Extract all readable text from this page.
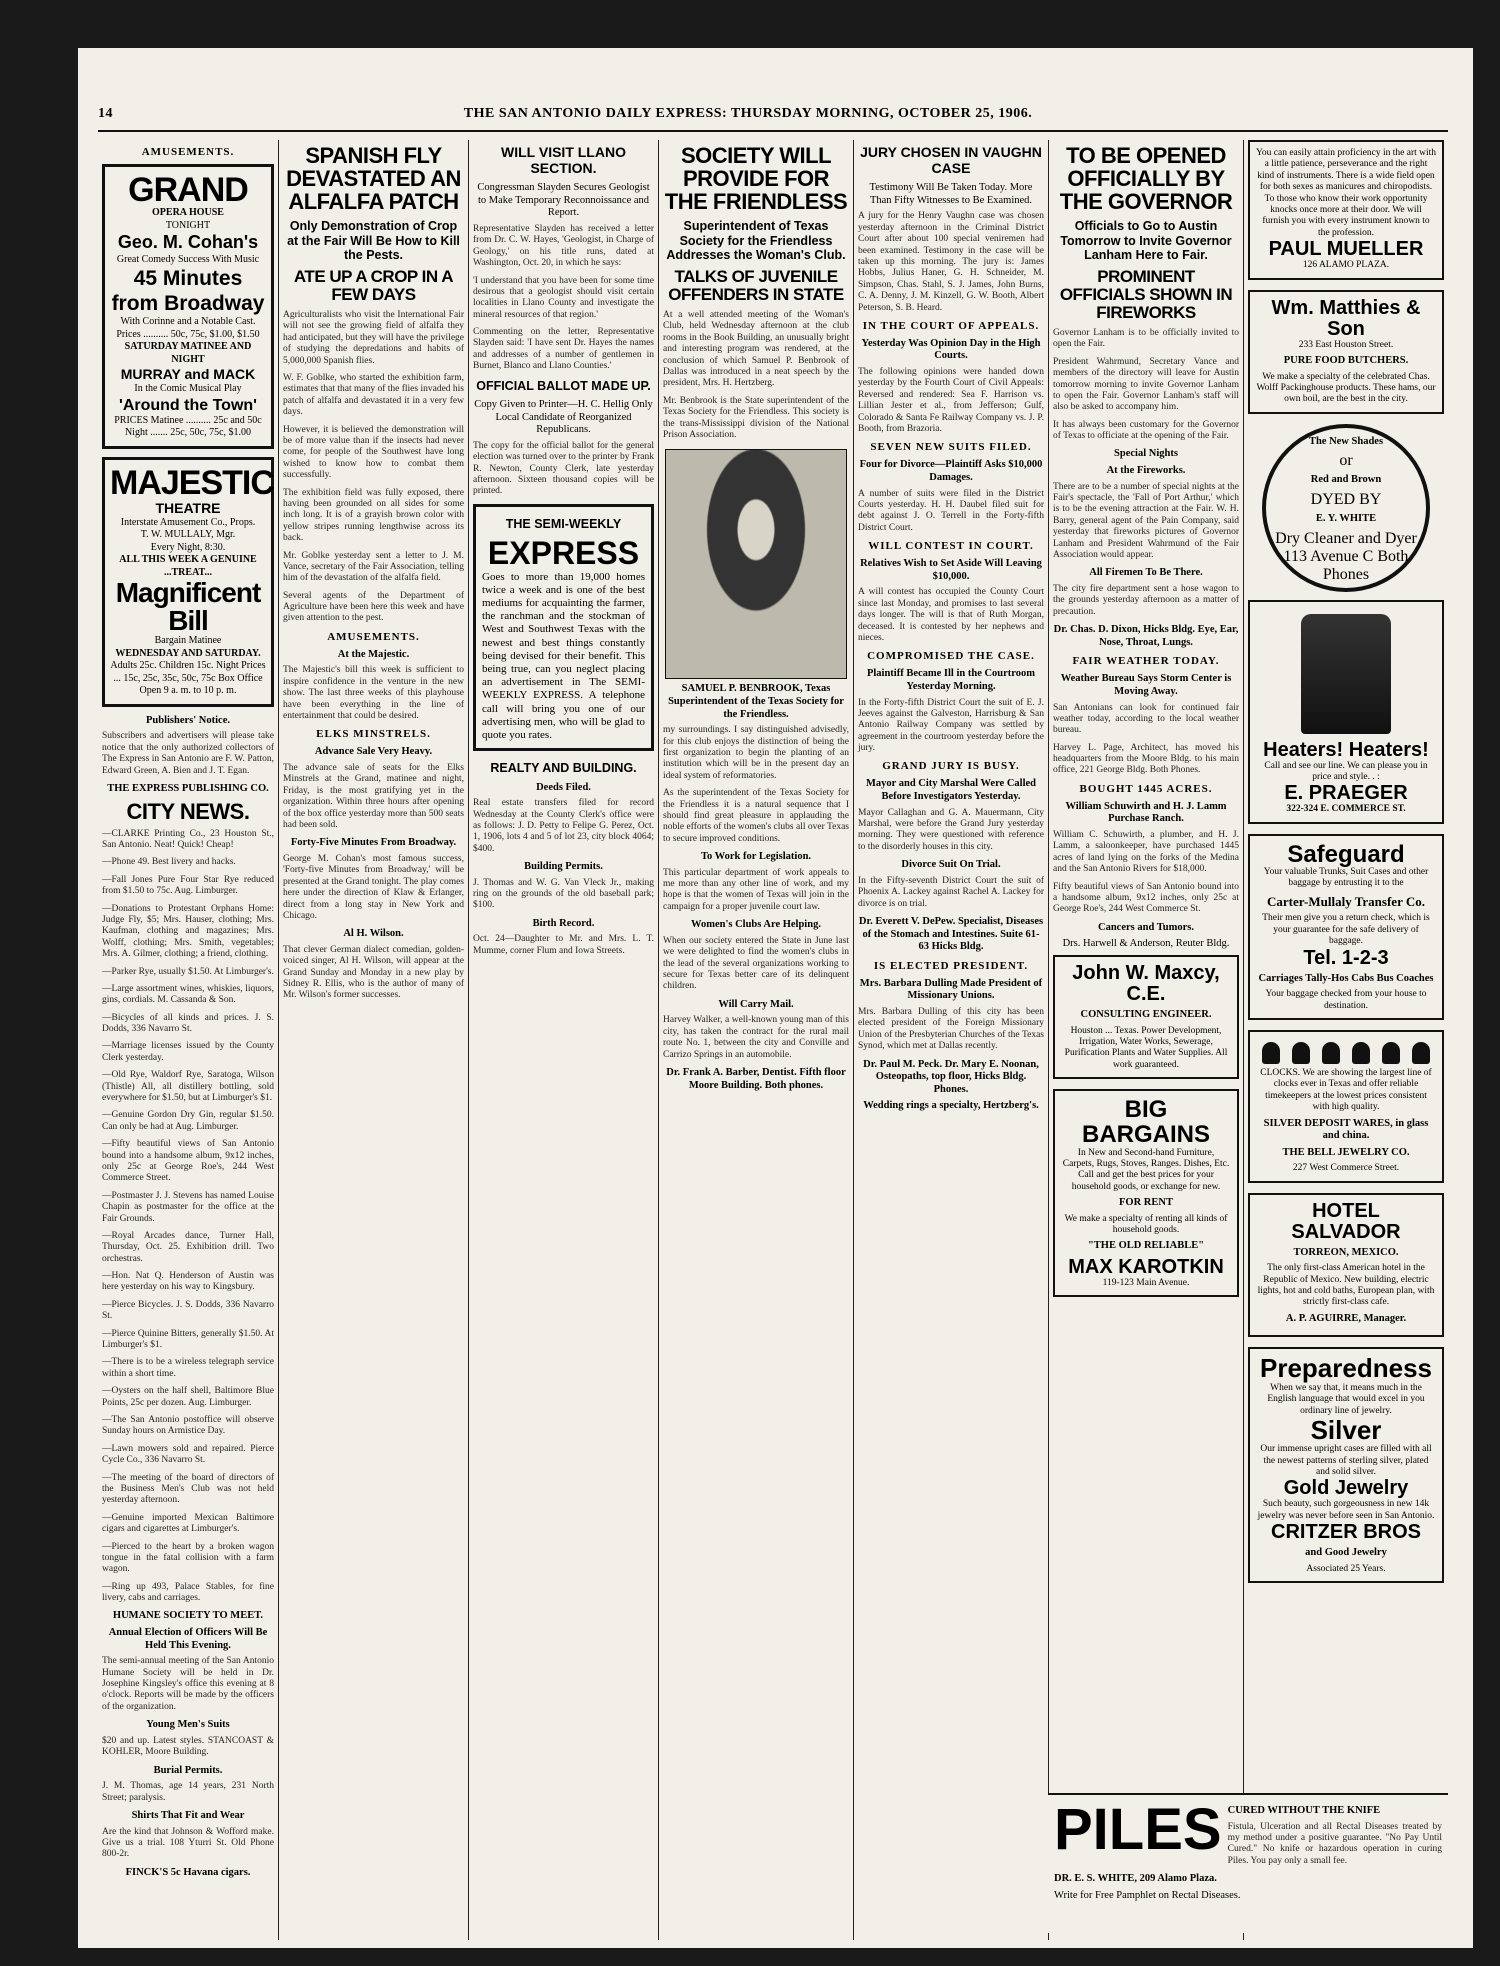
14	THE SAN ANTONIO DAILY EXPRESS: THURSDAY MORNING, OCTOBER 25, 1906.
AMUSEMENTS.
GRAND
OPERA HOUSE
TONIGHT
Geo. M. Cohan's
Great Comedy Success With Music
45 Minutes from Broadway
With Corinne and a Notable Cast.
Prices .......... 50c, 75c, $1.00, $1.50
SATURDAY MATINEE AND NIGHT
MURRAY and MACK
In the Comic Musical Play
'Around the Town'
PRICES Matinee .......... 25c and 50c Night ....... 25c, 50c, 75c, $1.00
MAJESTIC
THEATRE
Interstate Amusement Co., Props.
T. W. MULLALY, Mgr.
Every Night, 8:30.
ALL THIS WEEK A GENUINE ...TREAT...
Magnificent Bill
Bargain Matinee
WEDNESDAY AND SATURDAY.
Adults 25c. Children 15c. Night Prices ... 15c, 25c, 35c, 50c, 75c Box Office Open 9 a. m. to 10 p. m.
Publishers' Notice.

Subscribers and advertisers will please take notice that the only authorized collectors of The Express in San Antonio are F. W. Patton, Edward Green, A. Bien and J. T. Egan.

THE EXPRESS PUBLISHING CO.
CITY NEWS.

—CLARKE Printing Co., 23 Houston St., San Antonio. Neat! Quick! Cheap!

—Phone 49. Best livery and hacks.

—Fall Jones Pure Four Star Rye reduced from $1.50 to 75c. Aug. Limburger.

—Donations to Protestant Orphans Home: Judge Fly, $5; Mrs. Hauser, clothing; Mrs. Kaufman, clothing and magazines; Mrs. Wolff, clothing; Mrs. Smith, vegetables; Mrs. A. Gilmer, clothing; a friend, clothing.

—Parker Rye, usually $1.50. At Limburger's.

—Large assortment wines, whiskies, liquors, gins, cordials. M. Cassanda & Son.

—Bicycles of all kinds and prices. J. S. Dodds, 336 Navarro St.

—Marriage licenses issued by the County Clerk yesterday.

—Old Rye, Waldorf Rye, Saratoga, Wilson (Thistle) All, all distillery bottling, sold everywhere for $1.50, but at Limburger's $1.

—Genuine Gordon Dry Gin, regular $1.50. Can only be had at Aug. Limburger.

—Fifty beautiful views of San Antonio bound into a handsome album, 9x12 inches, only 25c at George Roe's, 244 West Commerce Street.

—Postmaster J. J. Stevens has named Louise Chapin as postmaster for the office at the Fair Grounds.

—Royal Arcades dance, Turner Hall, Thursday, Oct. 25. Exhibition drill. Two orchestras.

—Hon. Nat Q. Henderson of Austin was here yesterday on his way to Kingsbury.

—Pierce Bicycles. J. S. Dodds, 336 Navarro St.

—Pierce Quinine Bitters, generally $1.50. At Limburger's $1.

—There is to be a wireless telegraph service within a short time.

—Oysters on the half shell, Baltimore Blue Points, 25c per dozen. Aug. Limburger.

—The San Antonio postoffice will observe Sunday hours on Armistice Day.

—Lawn mowers sold and repaired. Pierce Cycle Co., 336 Navarro St.

—The meeting of the board of directors of the Business Men's Club was not held yesterday afternoon.

—Genuine imported Mexican Baltimore cigars and cigarettes at Limburger's.

—Pierced to the heart by a broken wagon tongue in the fatal collision with a farm wagon.

—Ring up 493, Palace Stables, for fine livery, cabs and carriages.

HUMANE SOCIETY TO MEET.
Annual Election of Officers Will Be Held This Evening.

The semi-annual meeting of the San Antonio Humane Society will be held in Dr. Josephine Kingsley's office this evening at 8 o'clock. Reports will be made by the officers of the organization.

Young Men's Suits

$20 and up. Latest styles. STANCOAST & KOHLER, Moore Building.

Burial Permits.

J. M. Thomas, age 14 years, 231 North Street; paralysis.

Shirts That Fit and Wear

Are the kind that Johnson & Wofford make. Give us a trial. 108 Yturri St. Old Phone 800-2r.

FINCK'S 5c Havana cigars.
SPANISH FLY DEVASTATED AN ALFALFA PATCH
Only Demonstration of Crop at the Fair Will Be How to Kill the Pests.
ATE UP A CROP IN A FEW DAYS

Agriculturalists who visit the International Fair will not see the growing field of alfalfa they had anticipated, but they will have the privilege of studying the depredations and habits of 5,000,000 Spanish flies.

W. F. Goblke, who started the exhibition farm, estimates that that many of the flies invaded his patch of alfalfa and devastated it in a very few days.

However, it is believed the demonstration will be of more value than if the insects had never come, for people of the Southwest have long wished to know how to combat them successfully.

The exhibition field was fully exposed, there having been grounded on all sides for some inch long. It is of a grayish brown color with yellow stripes running lengthwise across its back.

Mr. Goblke yesterday sent a letter to J. M. Vance, secretary of the Fair Association, telling him of the devastation of the alfalfa field.

Several agents of the Department of Agriculture have been here this week and have given attention to the pest.

AMUSEMENTS.
At the Majestic.

The Majestic's bill this week is sufficient to inspire confidence in the venture in the new show. The last three weeks of this playhouse have been everything in the line of entertainment that could be desired.

ELKS MINSTRELS.
Advance Sale Very Heavy.

The advance sale of seats for the Elks Minstrels at the Grand, matinee and night, Friday, is the most gratifying yet in the organization. Within three hours after opening of the box office yesterday more than 500 seats had been sold.

Forty-Five Minutes From Broadway.

George M. Cohan's most famous success, 'Forty-five Minutes from Broadway,' will be presented at the Grand tonight. The play comes here under the direction of Klaw & Erlanger, direct from a long stay in New York and Chicago.

Al H. Wilson.

That clever German dialect comedian, golden-voiced singer, Al H. Wilson, will appear at the Grand Sunday and Monday in a new play by Sidney R. Ellis, who is the author of many of Mr. Wilson's former successes.

WILL VISIT LLANO SECTION.
Congressman Slayden Secures Geologist to Make Temporary Reconnoissance and Report.

Representative Slayden has received a letter from Dr. C. W. Hayes, 'Geologist, in Charge of Geology,' on his title runs, dated at Washington, Oct. 20, in which he says:

'I understand that you have been for some time desirous that a geologist should visit certain localities in Llano County and investigate the mineral resources of that region.'

Commenting on the letter, Representative Slayden said: 'I have sent Dr. Hayes the names and addresses of a number of gentlemen in Burnet, Blanco and Llano Counties.'

OFFICIAL BALLOT MADE UP.
Copy Given to Printer—H. C. Hellig Only Local Candidate of Reorganized Republicans.

The copy for the official ballot for the general election was turned over to the printer by Frank R. Newton, County Clerk, late yesterday afternoon. Sixteen thousand copies will be printed.

THE SEMI-WEEKLY
EXPRESS
Goes to more than 19,000 homes twice a week and is one of the best mediums for acquainting the farmer, the ranchman and the stockman of West and Southwest Texas with the newest and best things constantly being devised for their benefit. This being true, can you neglect placing an advertisement in The SEMI-WEEKLY EXPRESS. A telephone call will bring you one of our advertising men, who will be glad to quote you rates.
REALTY AND BUILDING.
Deeds Filed.

Real estate transfers filed for record Wednesday at the County Clerk's office were as follows: J. D. Petty to Felipe G. Perez, Oct. 1, 1906, lots 4 and 5 of lot 23, city block 4064; $400.

Building Permits.

J. Thomas and W. G. Van Vleck Jr., making ring on the grounds of the old baseball park; $100.

Birth Record.

Oct. 24—Daughter to Mr. and Mrs. L. T. Mumme, corner Flum and Iowa Streets.

SOCIETY WILL PROVIDE FOR THE FRIENDLESS
Superintendent of Texas Society for the Friendless Addresses the Woman's Club.
TALKS OF JUVENILE OFFENDERS IN STATE

At a well attended meeting of the Woman's Club, held Wednesday afternoon at the club rooms in the Book Building, an unusually bright and interesting program was rendered, at the conclusion of which Samuel P. Benbrook of Dallas was introduced in a neat speech by the president, Mrs. H. Hertzberg.

Mr. Benbrook is the State superintendent of the Texas Society for the Friendless. This society is the trans-Mississippi division of the National Prison Association.

SAMUEL P. BENBROOK, Texas Superintendent of the Texas Society for the Friendless.

my surroundings. I say distinguished advisedly, for this club enjoys the distinction of being the first organization to begin the planting of an institution which will be in the present day an ideal system of reformatories.

As the superintendent of the Texas Society for the Friendless it is a natural sequence that I should find great pleasure in applauding the noble efforts of the women's clubs all over Texas to secure improved conditions.

To Work for Legislation.

This particular department of work appeals to me more than any other line of work, and my hope is that the women of Texas will join in the campaign for a proper juvenile court law.

Women's Clubs Are Helping.

When our society entered the State in June last we were delighted to find the women's clubs in the lead of the several organizations working to secure for Texas better care of its delinquent children.

Will Carry Mail.

Harvey Walker, a well-known young man of this city, has taken the contract for the rural mail route No. 1, between the city and Conville and Carrizo Springs in an automobile.

Dr. Frank A. Barber, Dentist. Fifth floor Moore Building. Both phones.
JURY CHOSEN IN VAUGHN CASE
Testimony Will Be Taken Today. More Than Fifty Witnesses to Be Examined.

A jury for the Henry Vaughn case was chosen yesterday afternoon in the Criminal District Court after about 100 special veniremen had been examined. Testimony in the case will be taken up this morning. The jury is: James Hobbs, Julius Haner, G. H. Schneider, M. Simpson, Chas. Stahl, S. J. James, John Burns, C. A. Denny, J. M. Kinzell, G. W. Booth, Albert Peterson, S. B. Heard.

IN THE COURT OF APPEALS.
Yesterday Was Opinion Day in the High Courts.

The following opinions were handed down yesterday by the Fourth Court of Civil Appeals: Reversed and rendered: Sea F. Harrison vs. Lillian Jester et al., from Jefferson; Gulf, Colorado & Santa Fe Railway Company vs. J. P. Booth, from Brazoria.

SEVEN NEW SUITS FILED.
Four for Divorce—Plaintiff Asks $10,000 Damages.

A number of suits were filed in the District Courts yesterday. H. H. Daubel filed suit for debt against J. O. Terrell in the Forty-fifth District Court.

WILL CONTEST IN COURT.
Relatives Wish to Set Aside Will Leaving $10,000.

A will contest has occupied the County Court since last Monday, and promises to last several days longer. The will is that of Ruth Morgan, deceased. It is contested by her nephews and nieces.

COMPROMISED THE CASE.
Plaintiff Became Ill in the Courtroom Yesterday Morning.

In the Forty-fifth District Court the suit of E. J. Jeeves against the Galveston, Harrisburg & San Antonio Railway Company was settled by agreement in the courtroom yesterday before the jury.

GRAND JURY IS BUSY.
Mayor and City Marshal Were Called Before Investigators Yesterday.

Mayor Callaghan and G. A. Mauermann, City Marshal, were before the Grand Jury yesterday morning. They were questioned with reference to the disorderly houses in this city.

Divorce Suit On Trial.

In the Fifty-seventh District Court the suit of Phoenix A. Lackey against Rachel A. Lackey for divorce is on trial.

Dr. Everett V. DePew. Specialist, Diseases of the Stomach and Intestines. Suite 61-63 Hicks Bldg.
IS ELECTED PRESIDENT.
Mrs. Barbara Dulling Made President of Missionary Unions.

Mrs. Barbara Dulling of this city has been elected president of the Foreign Missionary Union of the Presbyterian Churches of the Texas Synod, which met at Dallas recently.

Dr. Paul M. Peck. Dr. Mary E. Noonan, Osteopaths, top floor, Hicks Bldg. Phones.
Wedding rings a specialty, Hertzberg's.
TO BE OPENED OFFICIALLY BY THE GOVERNOR
Officials to Go to Austin Tomorrow to Invite Governor Lanham Here to Fair.
PROMINENT OFFICIALS SHOWN IN FIREWORKS

Governor Lanham is to be officially invited to open the Fair.

President Wahrmund, Secretary Vance and members of the directory will leave for Austin tomorrow morning to invite Governor Lanham to open the Fair. Governor Lanham's staff will also be asked to accompany him.

It has always been customary for the Governor of Texas to officiate at the opening of the Fair.

Special Nights
At the Fireworks.

There are to be a number of special nights at the Fair's spectacle, the 'Fall of Port Arthur,' which is to be the evening attraction at the Fair. W. H. Barry, general agent of the Pain Company, said yesterday that fireworks pictures of Governor Lanham and President Wahrmund of the Fair Association would appear.

All Firemen To Be There.

The city fire department sent a hose wagon to the grounds yesterday afternoon as a matter of precaution.

Dr. Chas. D. Dixon, Hicks Bldg. Eye, Ear, Nose, Throat, Lungs.
FAIR WEATHER TODAY.
Weather Bureau Says Storm Center is Moving Away.

San Antonians can look for continued fair weather today, according to the local weather bureau.

Harvey L. Page, Architect, has moved his headquarters from the Moore Bldg. to his main office, 221 George Bldg. Both Phones.

BOUGHT 1445 ACRES.
William Schuwirth and H. J. Lamm Purchase Ranch.

William C. Schuwirth, a plumber, and H. J. Lamm, a saloonkeeper, have purchased 1445 acres of land lying on the forks of the Medina and the San Antonio Rivers for $18,000.

Fifty beautiful views of San Antonio bound into a handsome album, 9x12 inches, only 25c at George Roe's, 244 West Commerce St.

Cancers and Tumors.
Drs. Harwell & Anderson, Reuter Bldg.
John W. Maxcy, C.E.
CONSULTING ENGINEER.
Houston ... Texas. Power Development, Irrigation, Water Works, Sewerage, Purification Plants and Water Supplies. All work guaranteed.
BIG BARGAINS
In New and Second-hand Furniture, Carpets, Rugs, Stoves, Ranges. Dishes, Etc. Call and get the best prices for your household goods, or exchange for new.
FOR RENT
We make a specialty of renting all kinds of household goods.
"THE OLD RELIABLE"
MAX KAROTKIN
119-123 Main Avenue.
You can easily attain proficiency in the art with a little patience, perseverance and the right kind of instruments. There is a wide field open for both sexes as manicures and chiropodists. To those who know their work opportunity knocks once more at their door. We will furnish you with every instrument known to the profession.
PAUL MUELLER
126 ALAMO PLAZA.
Wm. Matthies & Son
233 East Houston Street.
PURE FOOD BUTCHERS.
We make a specialty of the celebrated Chas. Wolff Packinghouse products. These hams, our own boil, are the best in the city.
The New Shades
or
Red and Brown
DYED BY
E. Y. WHITE
Dry Cleaner and Dyer
113 Avenue C Both Phones
Heaters! Heaters!
Call and see our line. We can please you in price and style. . :
E. PRAEGER
322-324 E. COMMERCE ST.
Safeguard
Your valuable Trunks, Suit Cases and other baggage by entrusting it to the
Carter-Mullaly Transfer Co.
Their men give you a return check, which is your guarantee for the safe delivery of baggage.
Tel. 1-2-3
Carriages Tally-Hos Cabs Bus Coaches
Your baggage checked from your house to destination.
CLOCKS. We are showing the largest line of clocks ever in Texas and offer reliable timekeepers at the lowest prices consistent with high quality.
SILVER DEPOSIT WARES, in glass and china.
THE BELL JEWELRY CO.
227 West Commerce Street.
HOTEL SALVADOR
TORREON, MEXICO.
The only first-class American hotel in the Republic of Mexico. New building, electric lights, hot and cold baths, European plan, with strictly first-class cafe.
A. P. AGUIRRE, Manager.
Preparedness
When we say that, it means much in the English language that would excel in you ordinary line of jewelry.
Silver
Our immense upright cases are filled with all the newest patterns of sterling silver, plated and solid silver.
Gold Jewelry
Such beauty, such gorgeousness in new 14k jewelry was never before seen in San Antonio.
CRITZER BROS
and Good Jewelry
Associated 25 Years.
PILES CURED WITHOUT THE KNIFE

Fistula, Ulceration and all Rectal Diseases treated by my method under a positive guarantee. "No Pay Until Cured." No knife or hazardous operation in curing Piles. You pay only a small fee.

DR. E. S. WHITE, 209 Alamo Plaza.
Write for Free Pamphlet on Rectal Diseases.
